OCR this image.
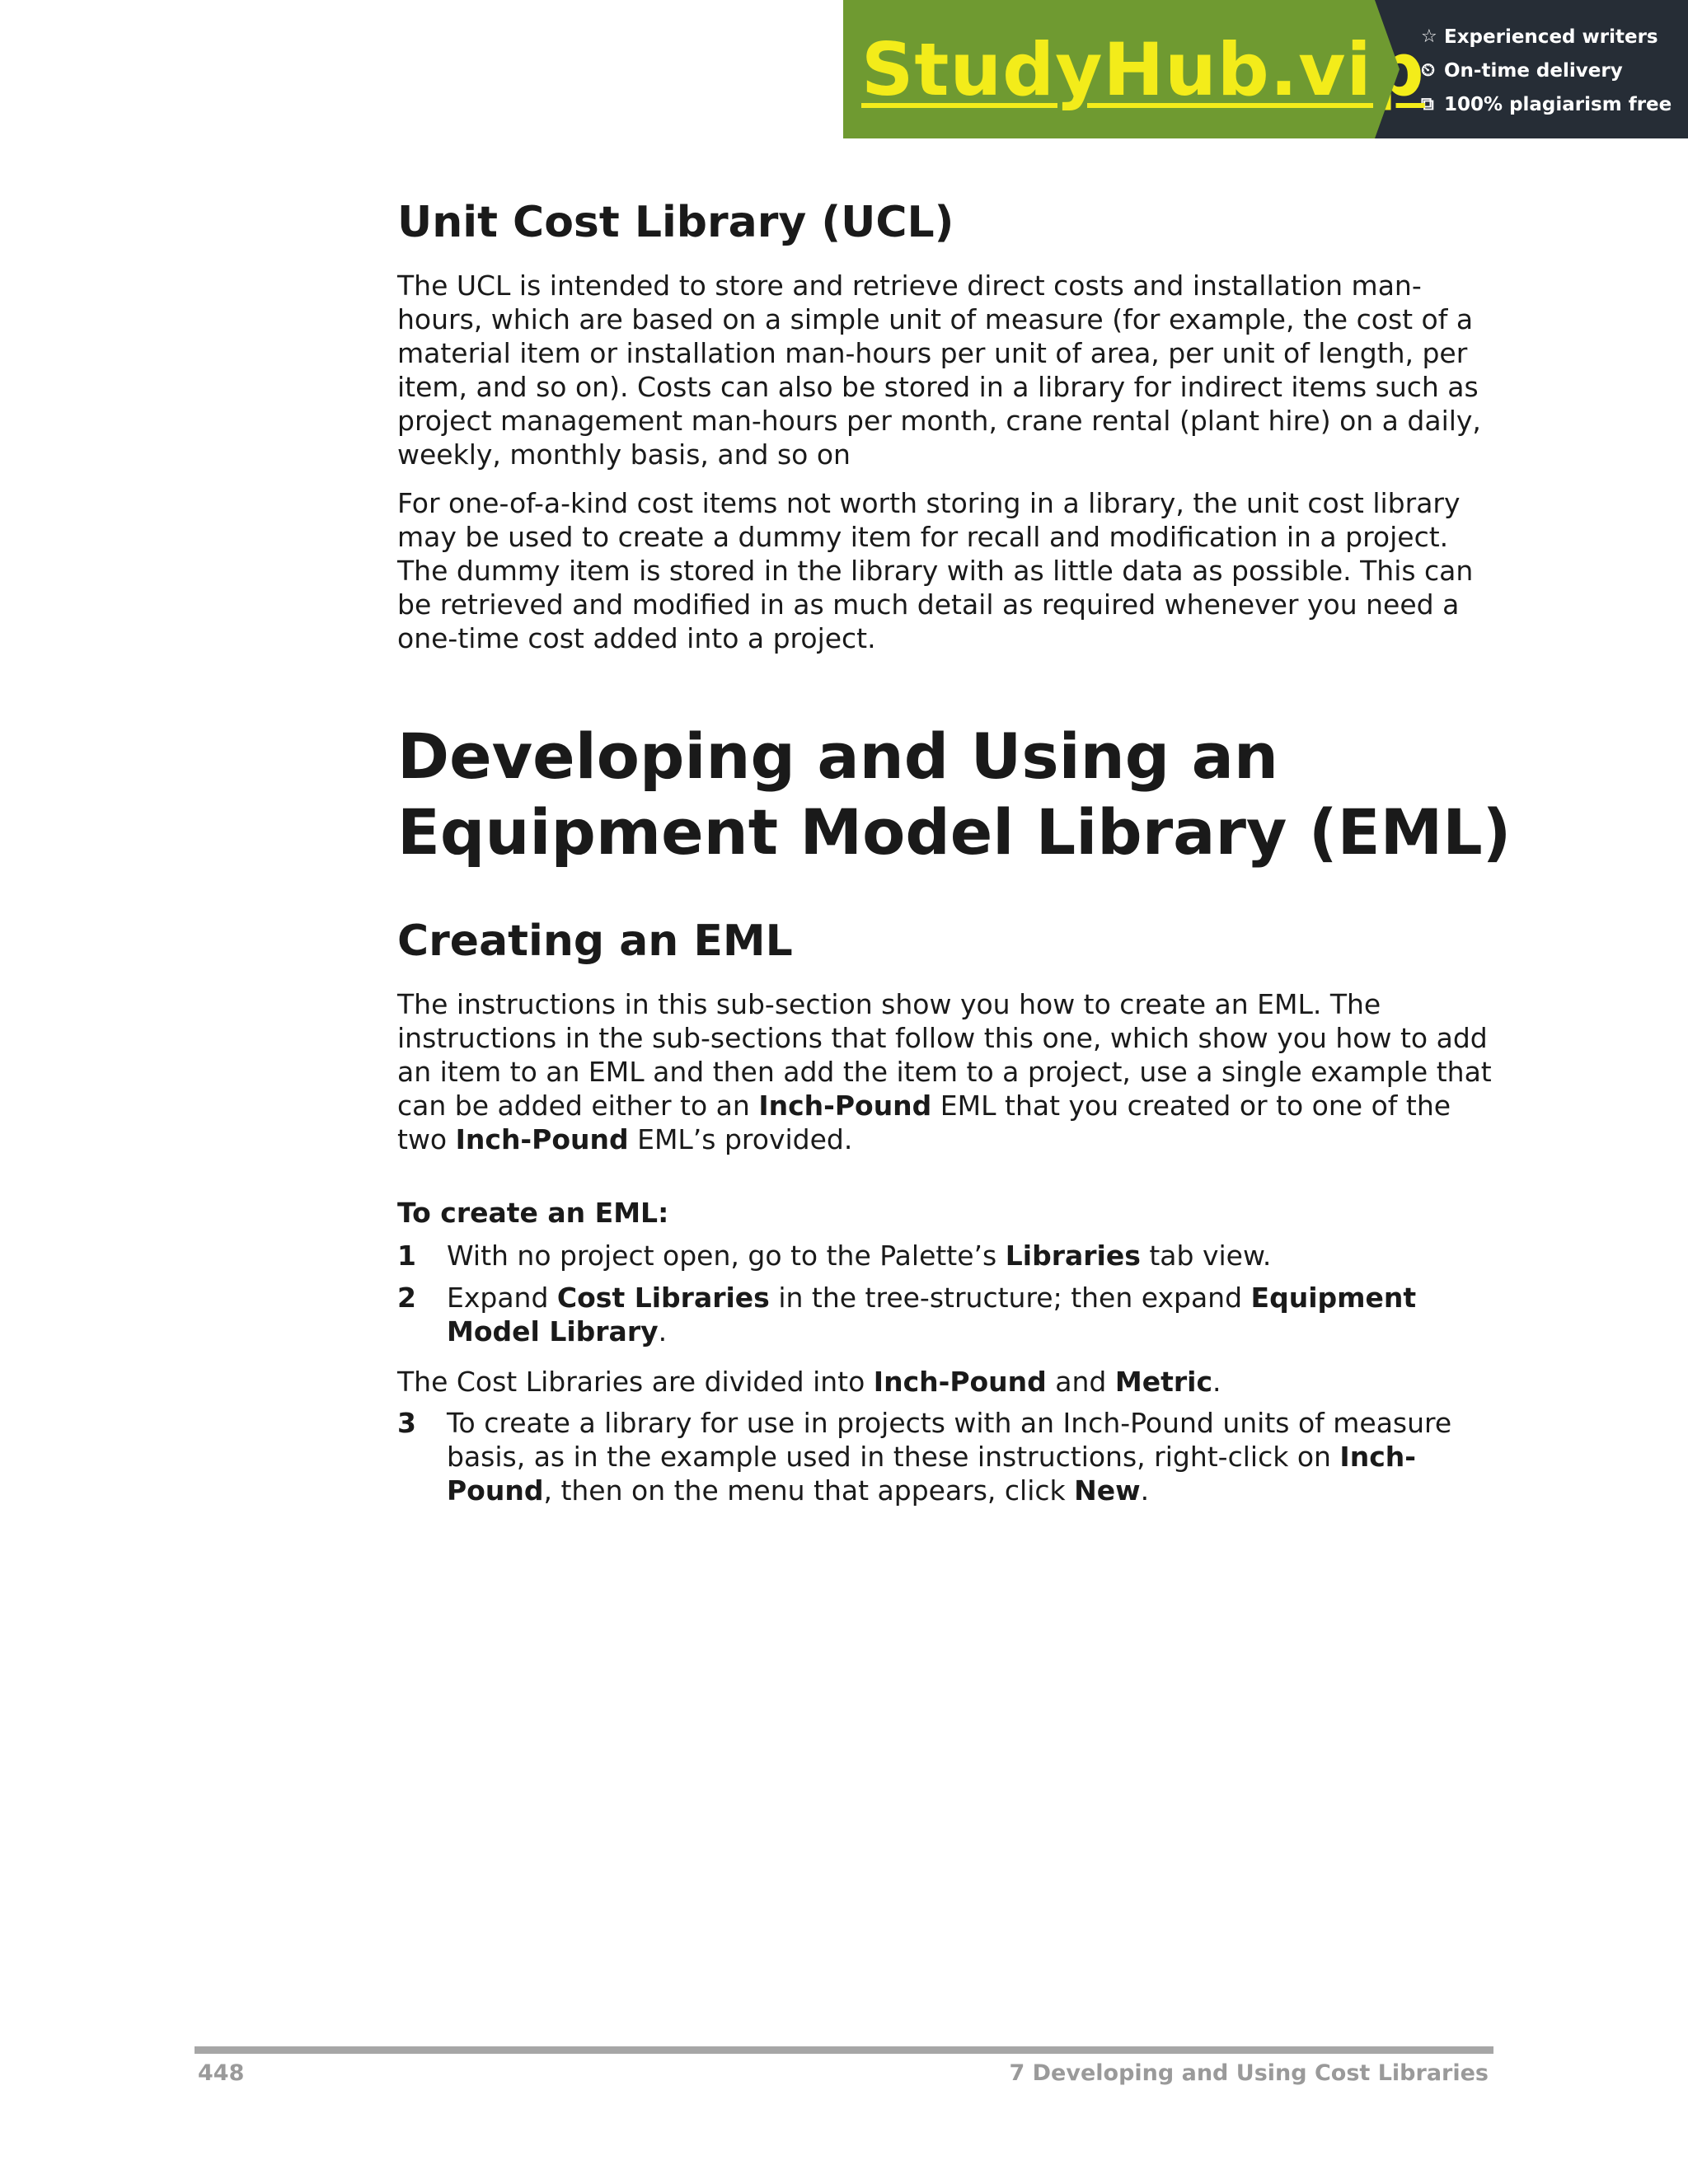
StudyHub.vip
☆ Experienced writers
⏲ On-time delivery
⧉ 100% plagiarism free
Unit Cost Library (UCL)

The UCL is intended to store and retrieve direct costs and installation man-hours, which are based on a simple unit of measure (for example, the cost of a material item or installation man-hours per unit of area, per unit of length, per item, and so on). Costs can also be stored in a library for indirect items such as project management man-hours per month, crane rental (plant hire) on a daily, weekly, monthly basis, and so on

For one-of-a-kind cost items not worth storing in a library, the unit cost library may be used to create a dummy item for recall and modification in a project. The dummy item is stored in the library with as little data as possible. This can be retrieved and modified in as much detail as required whenever you need a one-time cost added into a project.

Developing and Using an
Equipment Model Library (EML)
Creating an EML

The instructions in this sub-section show you how to create an EML. The instructions in the sub-sections that follow this one, which show you how to add an item to an EML and then add the item to a project, use a single example that can be added either to an Inch-Pound EML that you created or to one of the two Inch-Pound EML’s provided.

To create an EML:
1 With no project open, go to the Palette’s Libraries tab view.
2 Expand Cost Libraries in the tree-structure; then expand Equipment Model Library.

The Cost Libraries are divided into Inch-Pound and Metric.

3 To create a library for use in projects with an Inch-Pound units of measure basis, as in the example used in these instructions, right-click on Inch-Pound, then on the menu that appears, click New.
448	7 Developing and Using Cost Libraries
